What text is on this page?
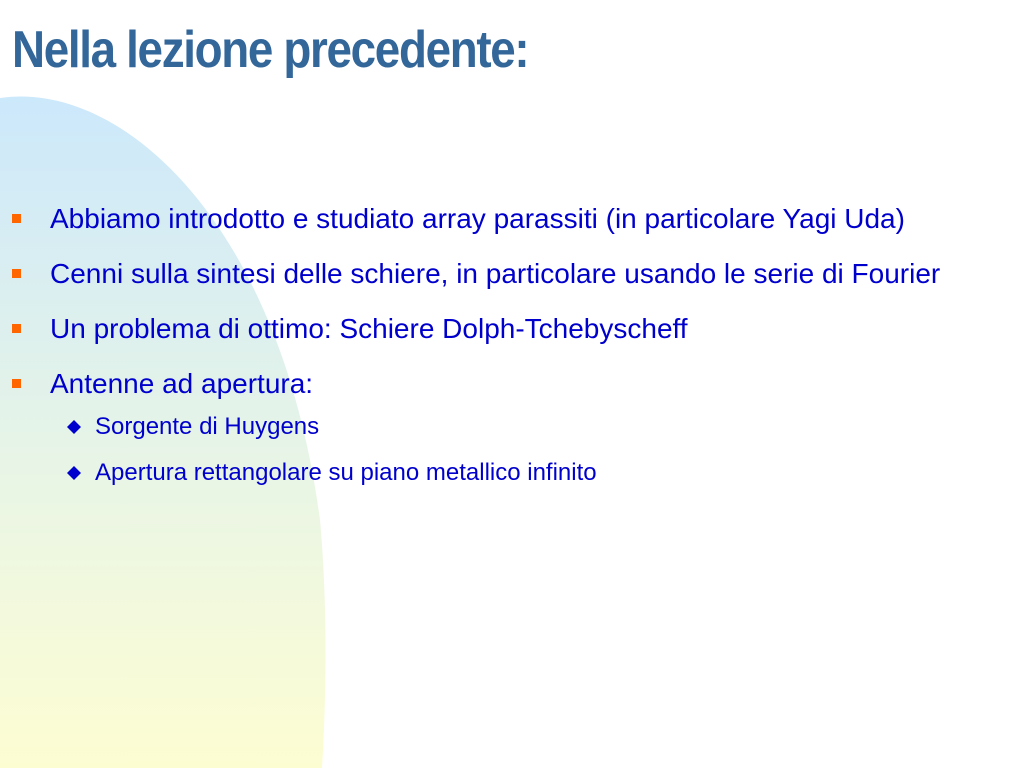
Nella lezione precedente:
Abbiamo introdotto e studiato array parassiti (in particolare Yagi Uda)
Cenni sulla sintesi delle schiere, in particolare usando le serie di Fourier
Un problema di ottimo: Schiere Dolph-Tchebyscheff
Antenne ad apertura:
Sorgente di Huygens
Apertura rettangolare su piano metallico infinito
